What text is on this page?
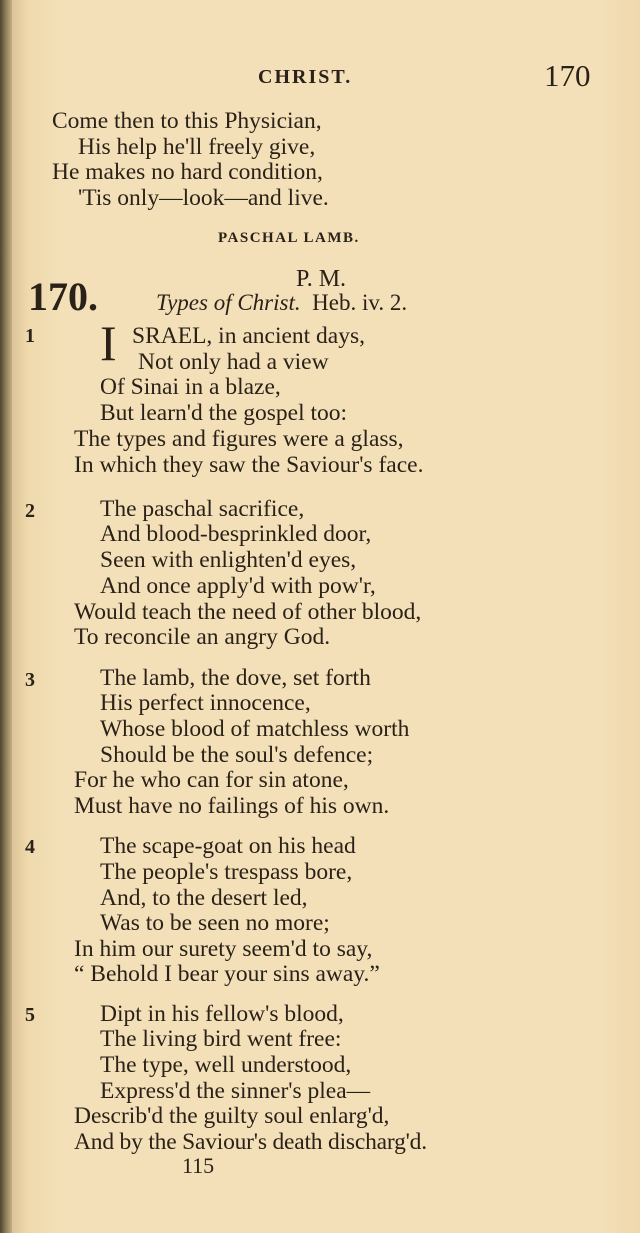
CHRIST.	170
Come then to this Physician,
His help he'll freely give,
He makes no hard condition,
'Tis only—look—and live.
PASCHAL LAMB.
170.	P. M.
Types of Christ. Heb. iv. 2.
1 I SRAEL, in ancient days,
Not only had a view
Of Sinai in a blaze,
But learn'd the gospel too:
The types and figures were a glass,
In which they saw the Saviour's face.
2	The paschal sacrifice,
And blood-besprinkled door,
Seen with enlighten'd eyes,
And once apply'd with pow'r,
Would teach the need of other blood,
To reconcile an angry God.
3	The lamb, the dove, set forth
His perfect innocence,
Whose blood of matchless worth
Should be the soul's defence;
For he who can for sin atone,
Must have no failings of his own.
4	The scape-goat on his head
The people's trespass bore,
And, to the desert led,
Was to be seen no more;
In him our surety seem'd to say,
“ Behold I bear your sins away.”
5	Dipt in his fellow's blood,
The living bird went free:
The type, well understood,
Express'd the sinner's plea—
Describ'd the guilty soul enlarg'd,
And by the Saviour's death discharg'd.
115
